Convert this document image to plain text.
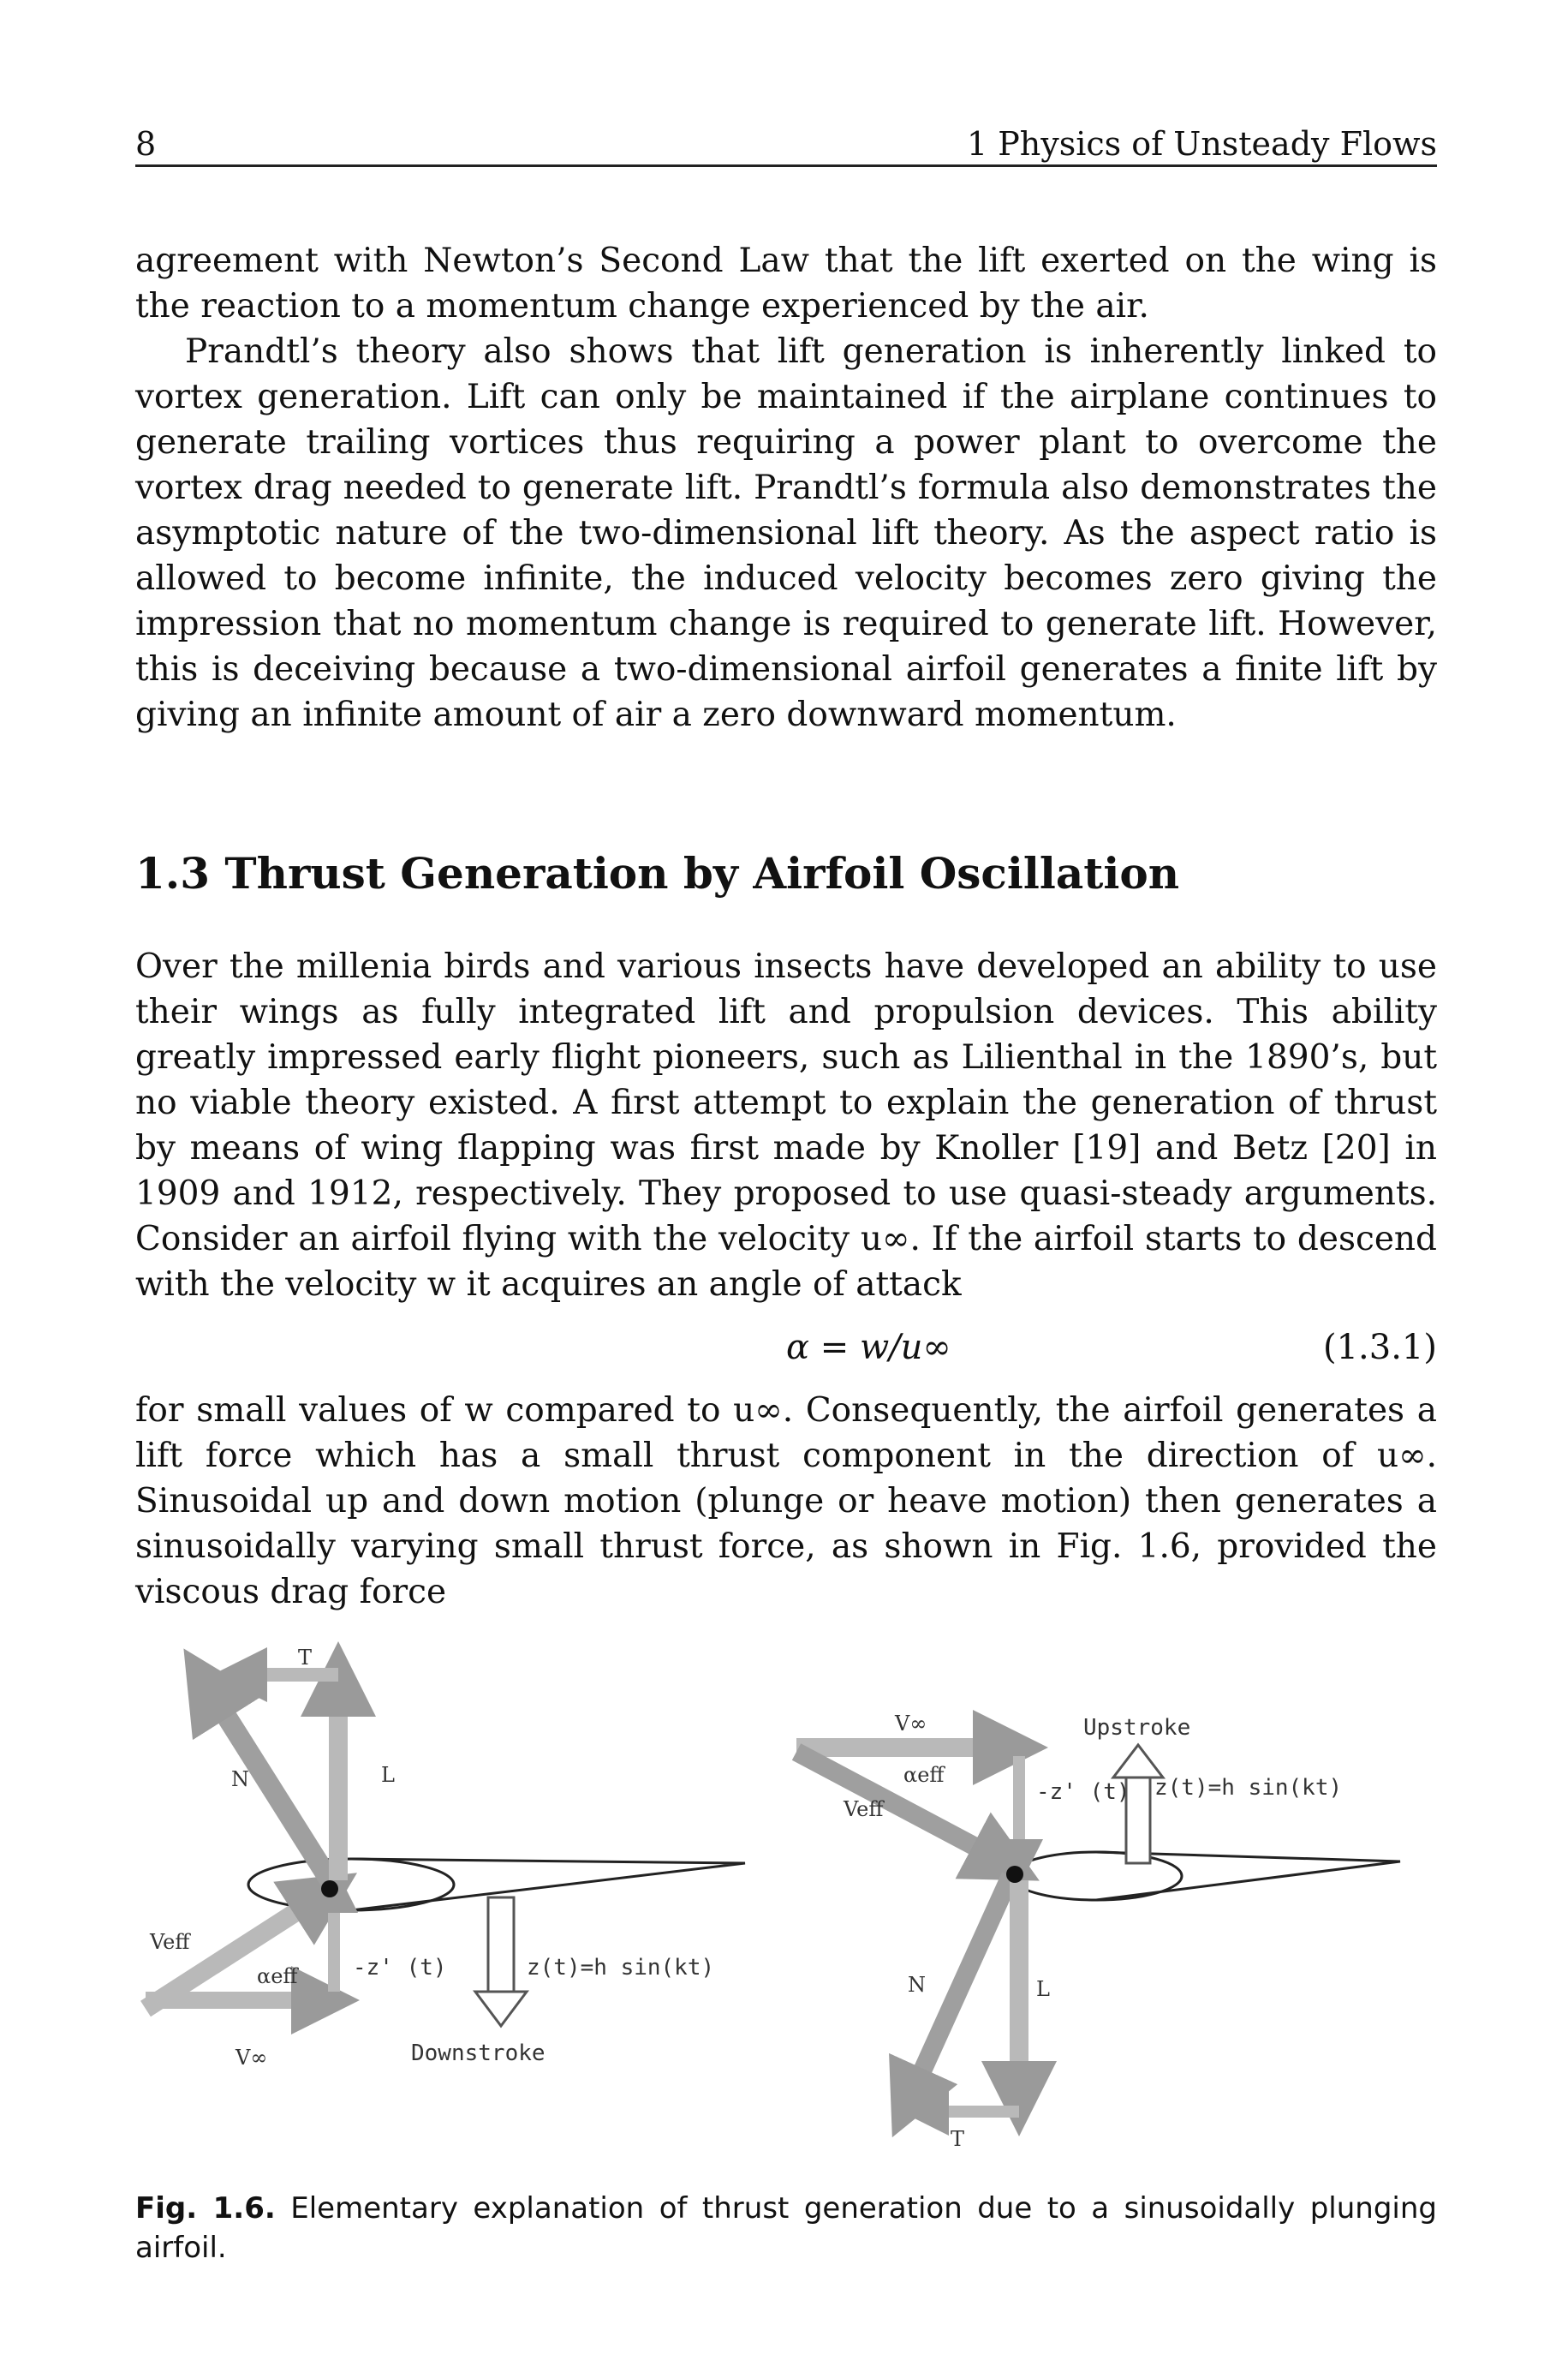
8	1 Physics of Unsteady Flows

agreement with Newton’s Second Law that the lift exerted on the wing is the reaction to a momentum change experienced by the air.

Prandtl’s theory also shows that lift generation is inherently linked to vortex generation. Lift can only be maintained if the airplane continues to generate trailing vortices thus requiring a power plant to overcome the vortex drag needed to generate lift. Prandtl’s formula also demonstrates the asymptotic nature of the two-dimensional lift theory. As the aspect ratio is allowed to become infinite, the induced velocity becomes zero giving the impression that no momentum change is required to generate lift. However, this is deceiving because a two-dimensional airfoil generates a finite lift by giving an infinite amount of air a zero downward momentum.

1.3 Thrust Generation by Airfoil Oscillation

Over the millenia birds and various insects have developed an ability to use their wings as fully integrated lift and propulsion devices. This ability greatly impressed early flight pioneers, such as Lilienthal in the 1890’s, but no viable theory existed. A first attempt to explain the generation of thrust by means of wing flapping was first made by Knoller [19] and Betz [20] in 1909 and 1912, respectively. They proposed to use quasi-steady arguments. Consider an airfoil flying with the velocity u∞. If the airfoil starts to descend with the velocity w it acquires an angle of attack

α = w/u∞	(1.3.1)

for small values of w compared to u∞. Consequently, the airfoil generates a lift force which has a small thrust component in the direction of u∞. Sinusoidal up and down motion (plunge or heave motion) then generates a sinusoidally varying small thrust force, as shown in Fig. 1.6, provided the viscous drag force

T
N	L
Veff
αeff -z' (t)	z(t)=h sin(kt)
V∞	Downstroke
V∞	Upstroke
αeff
Veff
-z' (t) z(t)=h sin(kt)
N	L
T
Fig. 1.6. Elementary explanation of thrust generation due to a sinusoidally plunging airfoil.
